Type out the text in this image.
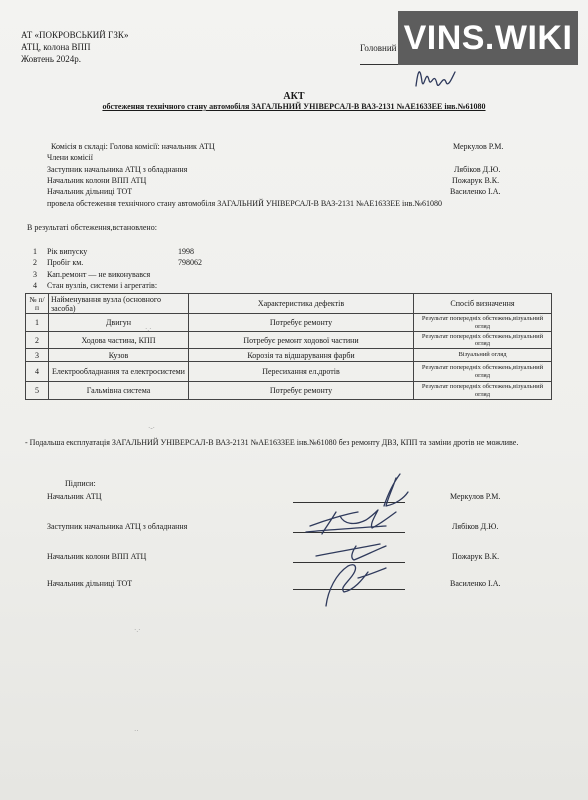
АТ «ПОКРОВСЬКИЙ ГЗК»
АТЦ, колона ВПП
Жовтень 2024р.
Головний VINS.WIKI
АКТ
обстеження технічного стану автомобіля ЗАГАЛЬНИЙ УНІВЕРСАЛ-В ВАЗ-2131 №АЕ1633ЕЕ інв.№61080
Комісія в складі: Голова комісії: начальник АТЦ	Меркулов Р.М.
Члени комісії
Заступник начальника АТЦ з обладнання	Лябіков Д.Ю.
Начальник колони ВПП АТЦ	Пожарук В.К.
Начальник дільниці ТОТ	Василенко І.А.
провела обстеження технічного стану автомобіля ЗАГАЛЬНИЙ УНІВЕРСАЛ-В ВАЗ-2131 №АЕ1633ЕЕ інв.№61080
В результаті обстеження,встановлено:
1 Рік випуску	1998
2 Пробіг км.	798062
3 Кап.ремонт — не виконувався
4 Стан вузлів, системи і агрегатів:
№ п/п	Найменування вузла (основного засоба)	Характеристика дефектів	Спосіб визначення
1	Двигун	Потребує ремонту	Результат попередніх обстежень,візуальний огляд
2	Ходова частина, КПП	Потребує ремонт ходової частини	Результат попередніх обстежень,візуальний огляд
3	Кузов	Корозія та відшарування фарби	Візуальний огляд
4	Електрообладнання та електросистеми	Пересихання ел.дротів	Результат попередніх обстежень,візуальний огляд
5	Гальмівна система	Потребує ремонту	Результат попередніх обстежень,візуальний огляд
- Подальша експлуатація ЗАГАЛЬНИЙ УНІВЕРСАЛ-В ВАЗ-2131 №АЕ1633ЕЕ інв.№61080 без ремонту ДВЗ, КПП та заміни дротів не можливе.
Підписи:
Начальник АТЦ	Меркулов Р.М.
Заступник начальника АТЦ з обладнання	Лябіков Д.Ю.
Начальник колони ВПП АТЦ	Пожарук В.К.
Начальник дільниці ТОТ	Василенко І.А.
·.·
·-·
·.·
··
